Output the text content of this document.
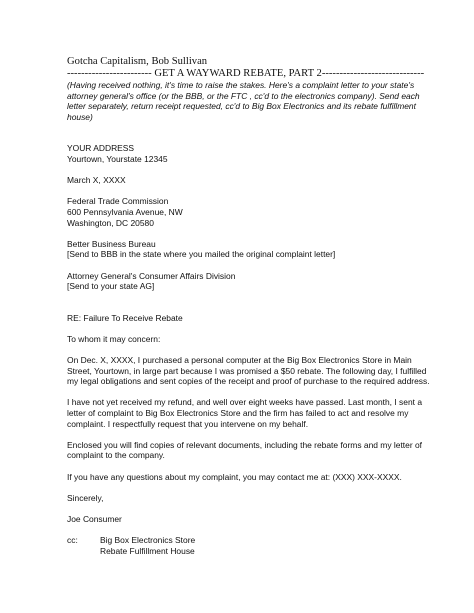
Gotcha Capitalism, Bob Sullivan
------------------------ GET A WAYWARD REBATE, PART 2-----------------------------
(Having received nothing, it's time to raise the stakes. Here's a complaint letter to your state's
attorney general's office (or the BBB, or the FTC , cc'd to the electronics company). Send each
letter separately, return receipt requested, cc'd to Big Box Electronics and its rebate fulfillment
house)
YOUR ADDRESS
Yourtown, Yourstate 12345
March X, XXXX
Federal Trade Commission
600 Pennsylvania Avenue, NW
Washington, DC 20580
Better Business Bureau
[Send to BBB in the state where you mailed the original complaint letter]
Attorney General's Consumer Affairs Division
[Send to your state AG]
RE: Failure To Receive Rebate
To whom it may concern:
On Dec. X, XXXX, I purchased a personal computer at the Big Box Electronics Store in Main
Street, Yourtown, in large part because I was promised a $50 rebate. The following day, I fulfilled
my legal obligations and sent copies of the receipt and proof of purchase to the required address.
I have not yet received my refund, and well over eight weeks have passed. Last month, I sent a
letter of complaint to Big Box Electronics Store and the firm has failed to act and resolve my
complaint. I respectfully request that you intervene on my behalf.
Enclosed you will find copies of relevant documents, including the rebate forms and my letter of
complaint to the company.
If you have any questions about my complaint, you may contact me at: (XXX) XXX-XXXX.
Sincerely,
Joe Consumer
cc:	Big Box Electronics Store
Rebate Fulfillment House
